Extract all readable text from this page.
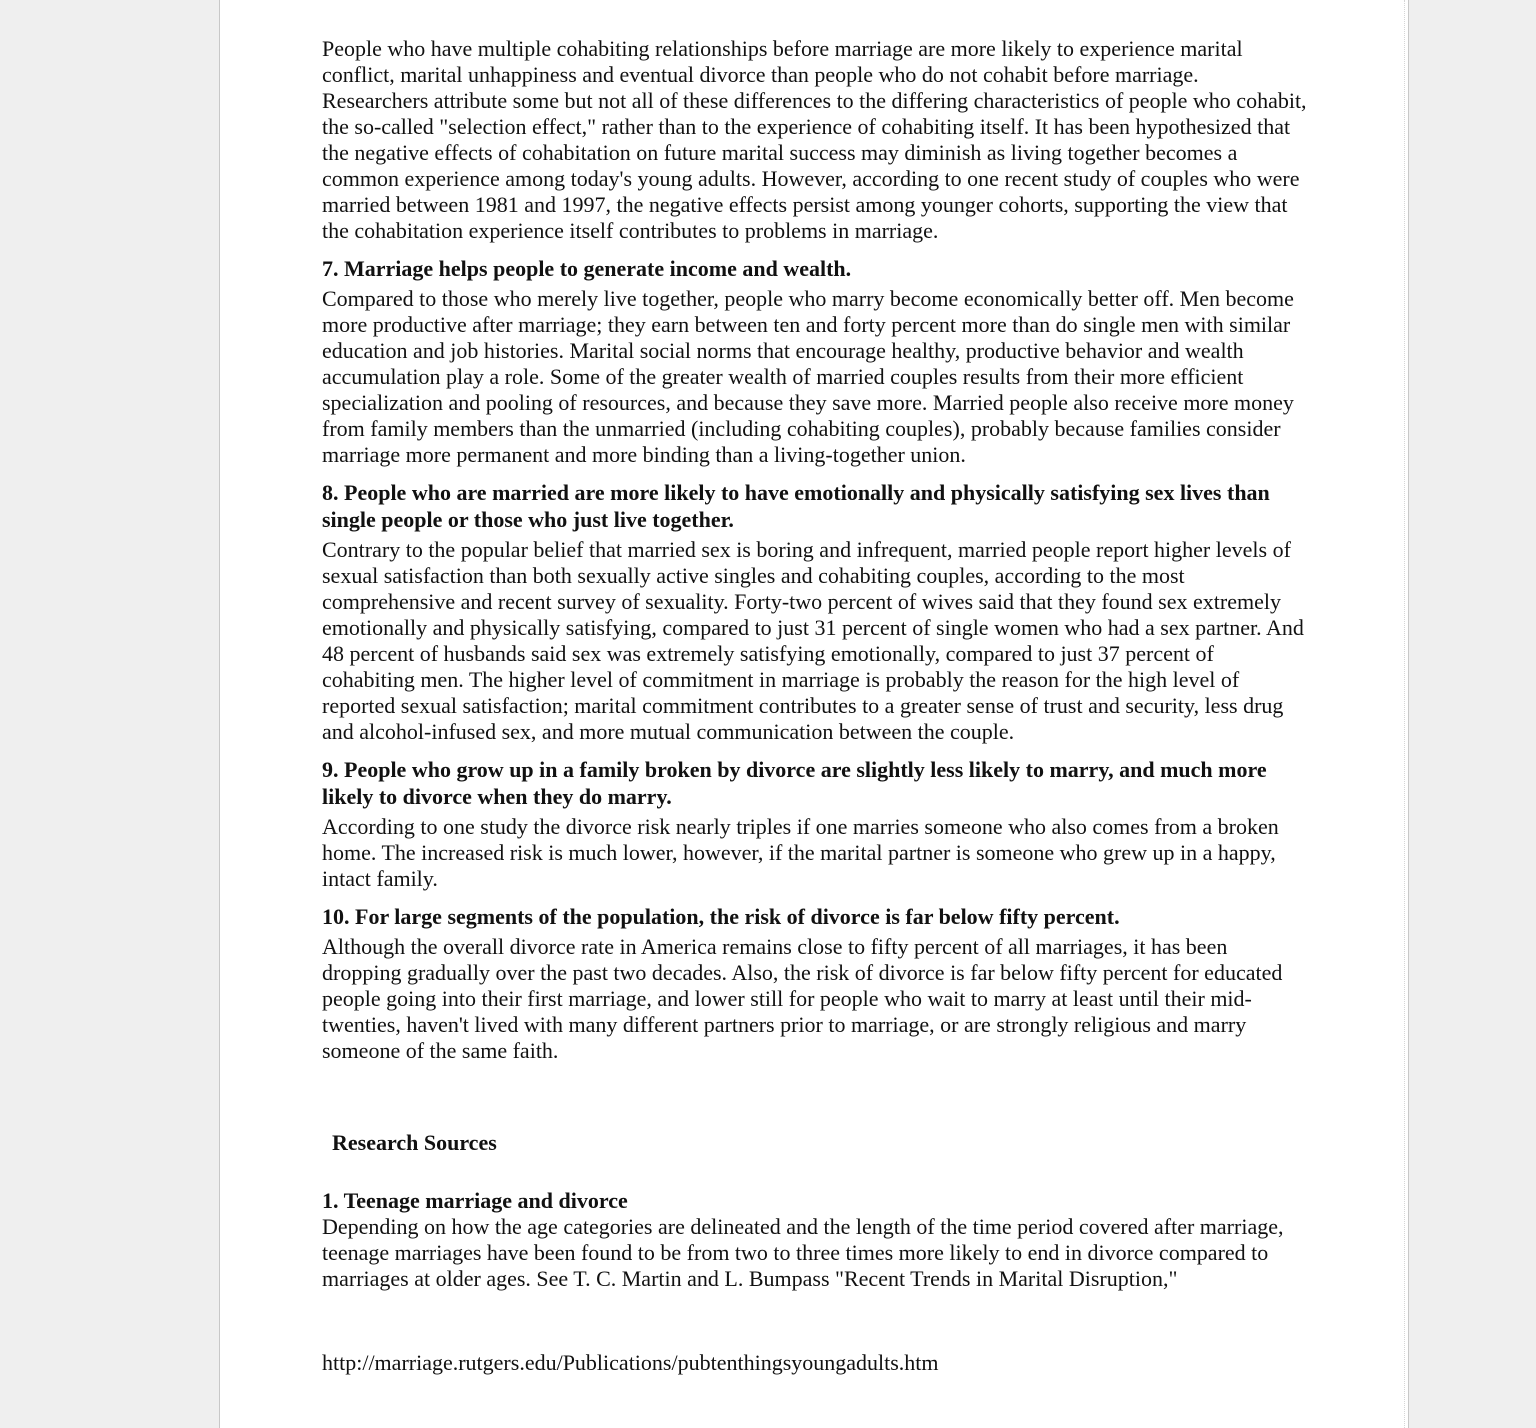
People who have multiple cohabiting relationships before marriage are more likely to experience marital conflict, marital unhappiness and eventual divorce than people who do not cohabit before marriage. Researchers attribute some but not all of these differences to the differing characteristics of people who cohabit, the so-called "selection effect," rather than to the experience of cohabiting itself. It has been hypothesized that the negative effects of cohabitation on future marital success may diminish as living together becomes a common experience among today's young adults. However, according to one recent study of couples who were married between 1981 and 1997, the negative effects persist among younger cohorts, supporting the view that the cohabitation experience itself contributes to problems in marriage.

7. Marriage helps people to generate income and wealth.

Compared to those who merely live together, people who marry become economically better off. Men become more productive after marriage; they earn between ten and forty percent more than do single men with similar education and job histories. Marital social norms that encourage healthy, productive behavior and wealth accumulation play a role. Some of the greater wealth of married couples results from their more efficient specialization and pooling of resources, and because they save more. Married people also receive more money from family members than the unmarried (including cohabiting couples), probably because families consider marriage more permanent and more binding than a living-together union.

8. People who are married are more likely to have emotionally and physically satisfying sex lives than single people or those who just live together.

Contrary to the popular belief that married sex is boring and infrequent, married people report higher levels of sexual satisfaction than both sexually active singles and cohabiting couples, according to the most comprehensive and recent survey of sexuality. Forty-two percent of wives said that they found sex extremely emotionally and physically satisfying, compared to just 31 percent of single women who had a sex partner. And 48 percent of husbands said sex was extremely satisfying emotionally, compared to just 37 percent of cohabiting men. The higher level of commitment in marriage is probably the reason for the high level of reported sexual satisfaction; marital commitment contributes to a greater sense of trust and security, less drug and alcohol-infused sex, and more mutual communication between the couple.

9. People who grow up in a family broken by divorce are slightly less likely to marry, and much more likely to divorce when they do marry.

According to one study the divorce risk nearly triples if one marries someone who also comes from a broken home. The increased risk is much lower, however, if the marital partner is someone who grew up in a happy, intact family.

10. For large segments of the population, the risk of divorce is far below fifty percent.

Although the overall divorce rate in America remains close to fifty percent of all marriages, it has been dropping gradually over the past two decades. Also, the risk of divorce is far below fifty percent for educated people going into their first marriage, and lower still for people who wait to marry at least until their mid-twenties, haven't lived with many different partners prior to marriage, or are strongly religious and marry someone of the same faith.

Research Sources

1. Teenage marriage and divorce

Depending on how the age categories are delineated and the length of the time period covered after marriage, teenage marriages have been found to be from two to three times more likely to end in divorce compared to marriages at older ages. See T. C. Martin and L. Bumpass "Recent Trends in Marital Disruption,"

http://marriage.rutgers.edu/Publications/pubtenthingsyoungadults.htm
